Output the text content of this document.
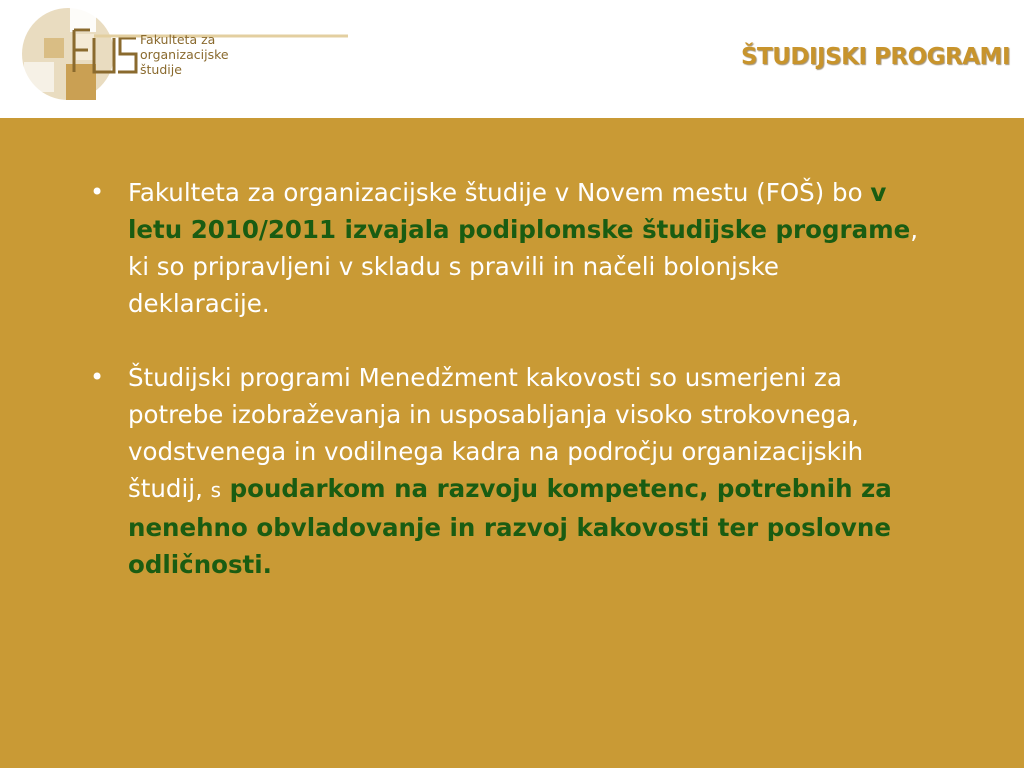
Fakulteta za
organizacijske
študije	ŠTUDIJSKI PROGRAMI
• Fakulteta za organizacijske študije v Novem mestu (FOŠ) bo v letu 2010/2011 izvajala podiplomske študijske programe, ki so pripravljeni v skladu s pravili in načeli bolonjske deklaracije.
• Študijski programi Menedžment kakovosti so usmerjeni za potrebe izobraževanja in usposabljanja visoko strokovnega, vodstvenega in vodilnega kadra na področju organizacijskih študij, s poudarkom na razvoju kompetenc, potrebnih za nenehno obvladovanje in razvoj kakovosti ter poslovne odličnosti.
